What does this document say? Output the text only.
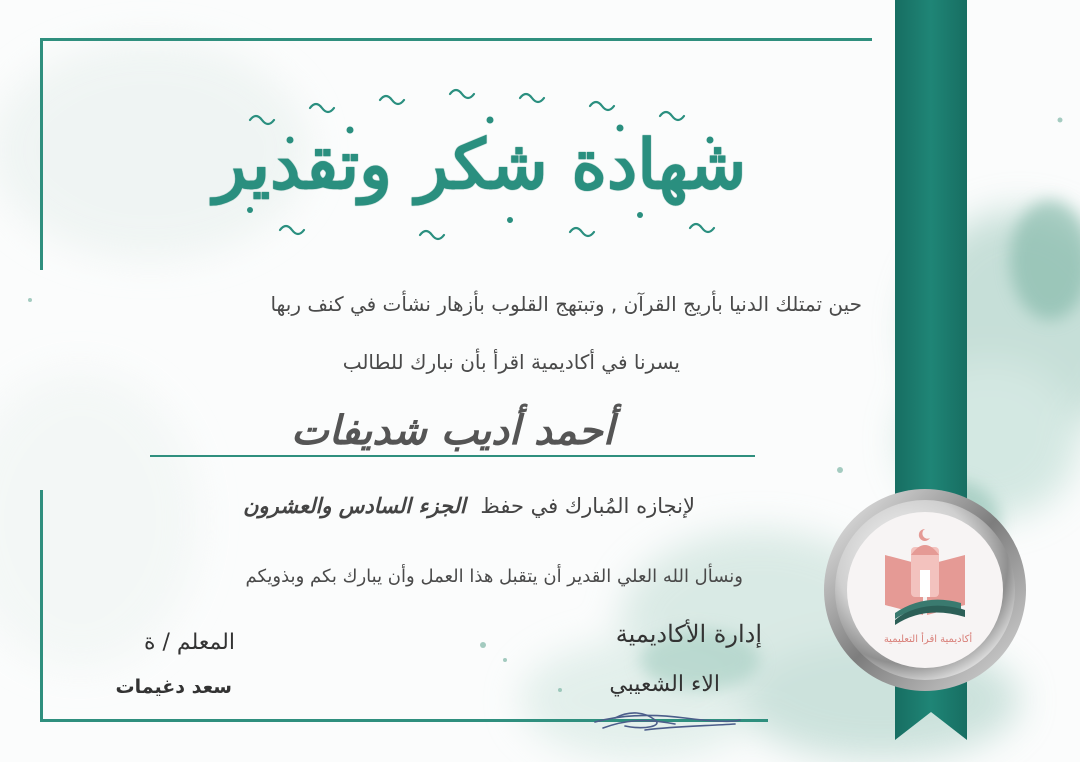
شهادة شكر وتقدير
حين تمتلك الدنيا بأريج القرآن , وتبتهج القلوب بأزهار نشأت في كنف ربها
يسرنا في أكاديمية اقرأ بأن نبارك للطالب
أحمد أديب شديفات
لإنجازه المُبارك في حفظ الجزء السادس والعشرون
ونسأل الله العلي القدير أن يتقبل هذا العمل وأن يبارك بكم وبذويكم
إدارة الأكاديمية
الاء الشعيبي
المعلم / ة
سعد دغيمات
أكاديمية اقرأ التعليمية
